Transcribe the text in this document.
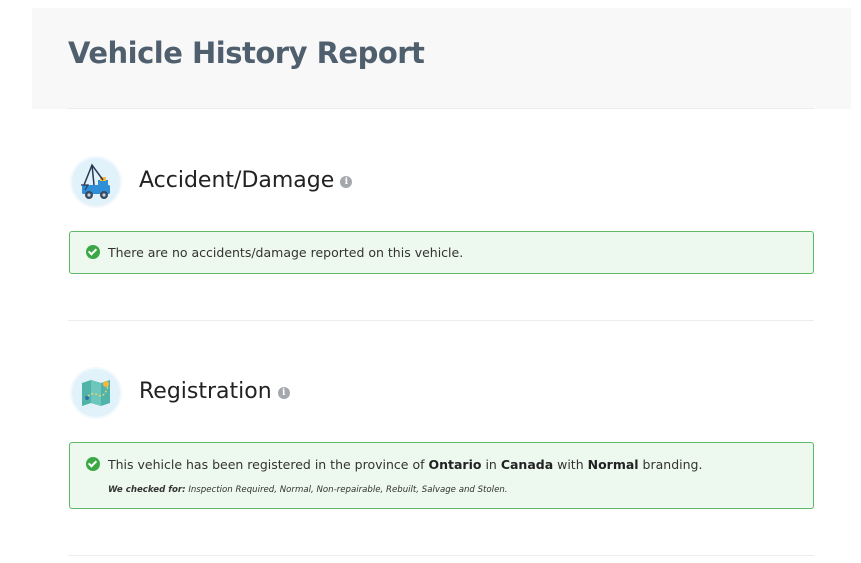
Vehicle History Report
Accident/Damage i
There are no accidents/damage reported on this vehicle.
Registration i
This vehicle has been registered in the province of Ontario in Canada with Normal branding.
We checked for: Inspection Required, Normal, Non-repairable, Rebuilt, Salvage and Stolen.
